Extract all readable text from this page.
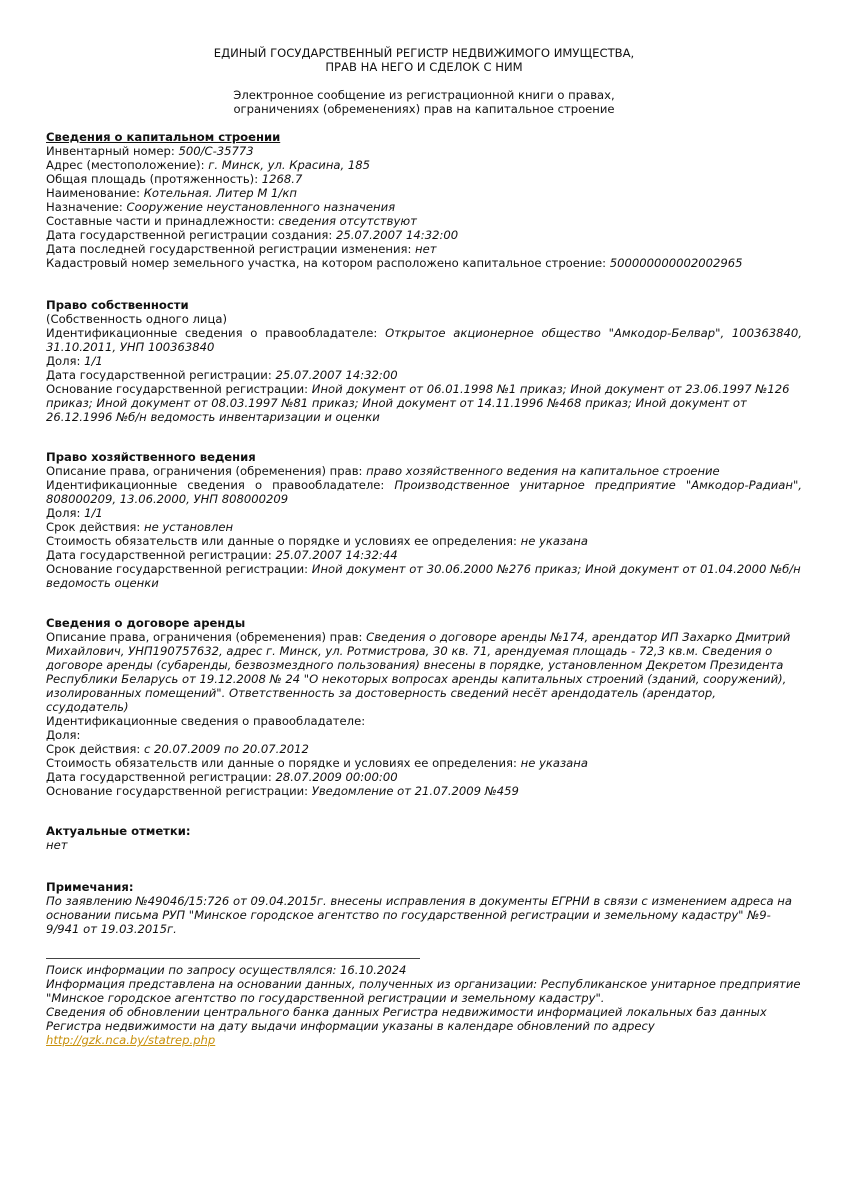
ЕДИНЫЙ ГОСУДАРСТВЕННЫЙ РЕГИСТР НЕДВИЖИМОГО ИМУЩЕСТВА,
ПРАВ НА НЕГО И СДЕЛОК С НИМ
Электронное сообщение из регистрационной книги о правах,
ограничениях (обременениях) прав на капитальное строение
Сведения о капитальном строении
Инвентарный номер: 500/C-35773
Адрес (местоположение): г. Минск, ул. Красина, 185
Общая площадь (протяженность): 1268.7
Наименование: Котельная. Литер М 1/кп
Назначение: Сооружение неустановленного назначения
Составные части и принадлежности: сведения отсутствуют
Дата государственной регистрации создания: 25.07.2007 14:32:00
Дата последней государственной регистрации изменения: нет
Кадастровый номер земельного участка, на котором расположено капитальное строение: 500000000002002965
Право собственности
(Собственность одного лица)
Идентификационные сведения о правообладателе: Открытое акционерное общество "Амкодор-Белвар", 100363840, 31.10.2011, УНП 100363840
Доля: 1/1
Дата государственной регистрации: 25.07.2007 14:32:00
Основание государственной регистрации: Иной документ от 06.01.1998 №1 приказ; Иной документ от 23.06.1997 №126 приказ; Иной документ от 08.03.1997 №81 приказ; Иной документ от 14.11.1996 №468 приказ; Иной документ от 26.12.1996 №б/н ведомость инвентаризации и оценки
Право хозяйственного ведения
Описание права, ограничения (обременения) прав: право хозяйственного ведения на капитальное строение
Идентификационные сведения о правообладателе: Производственное унитарное предприятие "Амкодор-Радиан", 808000209, 13.06.2000, УНП 808000209
Доля: 1/1
Срок действия: не установлен
Стоимость обязательств или данные о порядке и условиях ее определения: не указана
Дата государственной регистрации: 25.07.2007 14:32:44
Основание государственной регистрации: Иной документ от 30.06.2000 №276 приказ; Иной документ от 01.04.2000 №б/н ведомость оценки
Сведения о договоре аренды
Описание права, ограничения (обременения) прав: Сведения о договоре аренды №174, арендатор ИП Захарко Дмитрий Михайлович, УНП190757632, адрес г. Минск, ул. Ротмистрова, 30 кв. 71, арендуемая площадь - 72,3 кв.м. Сведения о договоре аренды (субаренды, безвозмездного пользования) внесены в порядке, установленном Декретом Президента Республики Беларусь от 19.12.2008 № 24 "О некоторых вопросах аренды капитальных строений (зданий, сооружений), изолированных помещений". Ответственность за достоверность сведений несёт арендодатель (арендатор, ссудодатель)
Идентификационные сведения о правообладателе:
Доля:
Срок действия: с 20.07.2009 по 20.07.2012
Стоимость обязательств или данные о порядке и условиях ее определения: не указана
Дата государственной регистрации: 28.07.2009 00:00:00
Основание государственной регистрации: Уведомление от 21.07.2009 №459
Актуальные отметки:
нет
Примечания:
По заявлению №49046/15:726 от 09.04.2015г. внесены исправления в документы ЕГРНИ в связи с изменением адреса на основании письма РУП "Минское городское агентство по государственной регистрации и земельному кадастру" №9-9/941 от 19.03.2015г.
Поиск информации по запросу осуществлялся: 16.10.2024
Информация представлена на основании данных, полученных из организации: Республиканское унитарное предприятие "Минское городское агентство по государственной регистрации и земельному кадастру".
Сведения об обновлении центрального банка данных Регистра недвижимости информацией локальных баз данных Регистра недвижимости на дату выдачи информации указаны в календаре обновлений по адресу
http://gzk.nca.by/statrep.php
